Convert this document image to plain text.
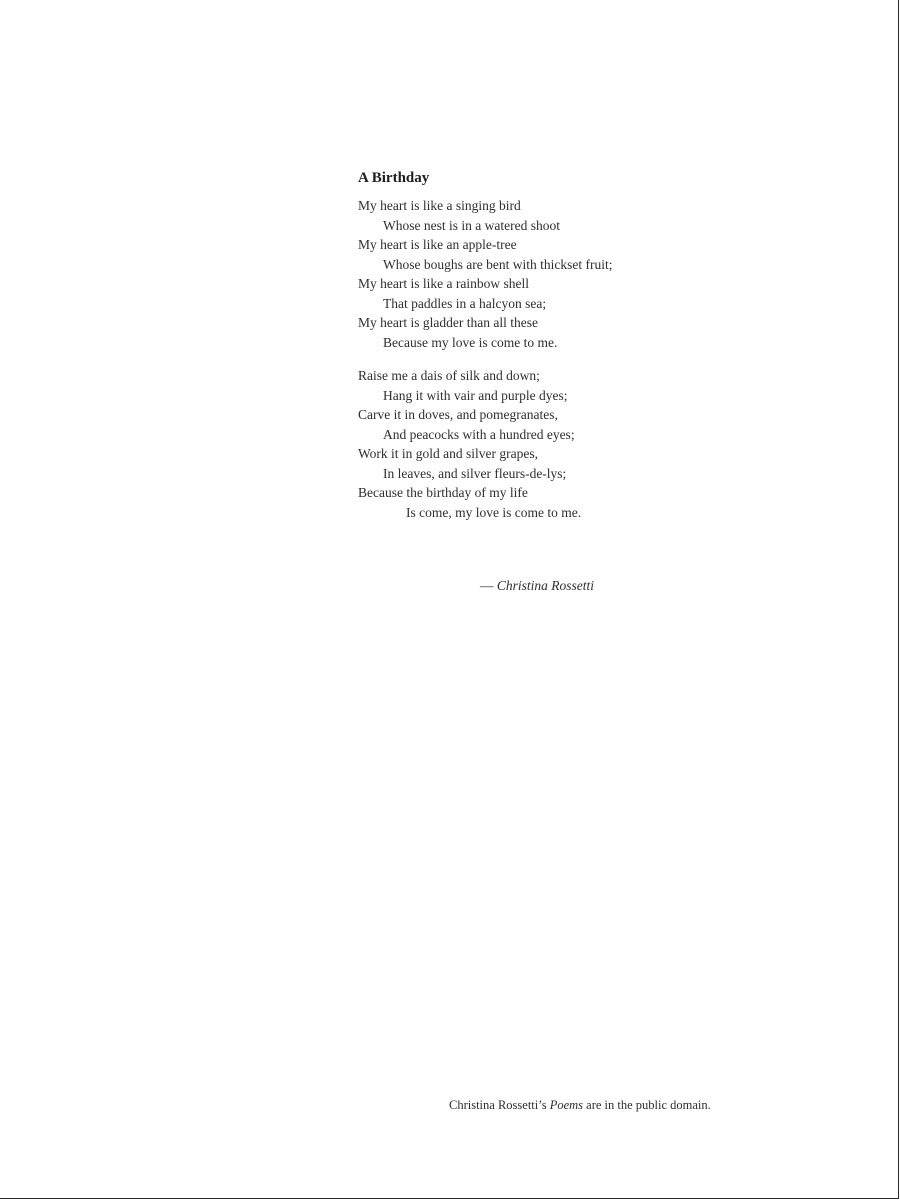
A Birthday
My heart is like a singing bird
Whose nest is in a watered shoot
My heart is like an apple-tree
Whose boughs are bent with thickset fruit;
My heart is like a rainbow shell
That paddles in a halcyon sea;
My heart is gladder than all these
Because my love is come to me.
Raise me a dais of silk and down;
Hang it with vair and purple dyes;
Carve it in doves, and pomegranates,
And peacocks with a hundred eyes;
Work it in gold and silver grapes,
In leaves, and silver fleurs-de-lys;
Because the birthday of my life
Is come, my love is come to me.
— Christina Rossetti
Christina Rossetti’s Poems are in the public domain.
